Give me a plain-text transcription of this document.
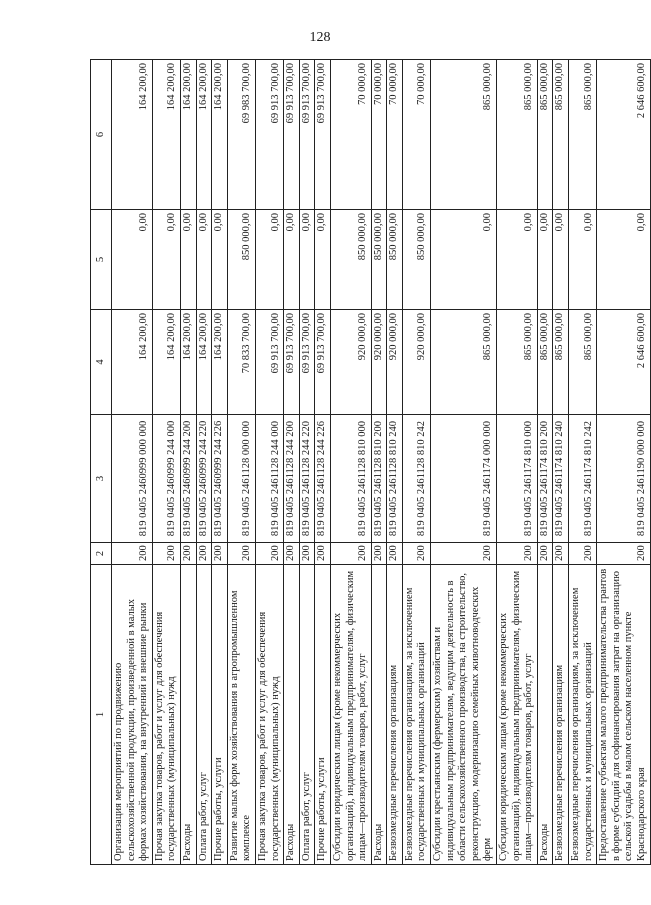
128
1	2	3	4	5	6
Организация мероприятий по продвижению сельскохозяйственной продукции, произведенной в малых формах хозяйствования, на внутренний и внешние рынки	200	819 0405 2460999 000 000	164 200,00	0,00	164 200,00
Прочая закупка товаров, работ и услуг для обеспечения государственных (муниципальных) нужд	200	819 0405 2460999 244 000	164 200,00	0,00	164 200,00
Расходы	200	819 0405 2460999 244 200	164 200,00	0,00	164 200,00
Оплата работ, услуг	200	819 0405 2460999 244 220	164 200,00	0,00	164 200,00
Прочие работы, услуги	200	819 0405 2460999 244 226	164 200,00	0,00	164 200,00
Развитие малых форм хозяйствования в агропромышленном комплексе	200	819 0405 2461128 000 000	70 833 700,00	850 000,00	69 983 700,00
Прочая закупка товаров, работ и услуг для обеспечения государственных (муниципальных) нужд	200	819 0405 2461128 244 000	69 913 700,00	0,00	69 913 700,00
Расходы	200	819 0405 2461128 244 200	69 913 700,00	0,00	69 913 700,00
Оплата работ, услуг	200	819 0405 2461128 244 220	69 913 700,00	0,00	69 913 700,00
Прочие работы, услуги	200	819 0405 2461128 244 226	69 913 700,00	0,00	69 913 700,00
Субсидии юридическим лицам (кроме некоммерческих организаций), индивидуальным предпринимателям, физическим лицам—производителям товаров, работ, услуг	200	819 0405 2461128 810 000	920 000,00	850 000,00	70 000,00
Расходы	200	819 0405 2461128 810 200	920 000,00	850 000,00	70 000,00
Безвозмездные перечисления организациям	200	819 0405 2461128 810 240	920 000,00	850 000,00	70 000,00
Безвозмездные перечисления организациям, за исключением государственных и муниципальных организаций	200	819 0405 2461128 810 242	920 000,00	850 000,00	70 000,00
Субсидии крестьянским (фермерским) хозяйствам и индивидуальным предпринимателям, ведущим деятельность в области сельскохозяйственного производства, на строительство, реконструкцию, модернизацию семейных животноводческих ферм	200	819 0405 2461174 000 000	865 000,00	0,00	865 000,00
Субсидии юридическим лицам (кроме некоммерческих организаций), индивидуальным предпринимателям, физическим лицам—производителям товаров, работ, услуг	200	819 0405 2461174 810 000	865 000,00	0,00	865 000,00
Расходы	200	819 0405 2461174 810 200	865 000,00	0,00	865 000,00
Безвозмездные перечисления организациям	200	819 0405 2461174 810 240	865 000,00	0,00	865 000,00
Безвозмездные перечисления организациям, за исключением государственных и муниципальных организаций	200	819 0405 2461174 810 242	865 000,00	0,00	865 000,00
Предоставление субъектам малого предпринимательства грантов в форме субсидий для софинансирования затрат на организацию сельской усадьбы в малом сельском населенном пункте Краснодарского края	200	819 0405 2461190 000 000	2 646 600,00	0,00	2 646 600,00
